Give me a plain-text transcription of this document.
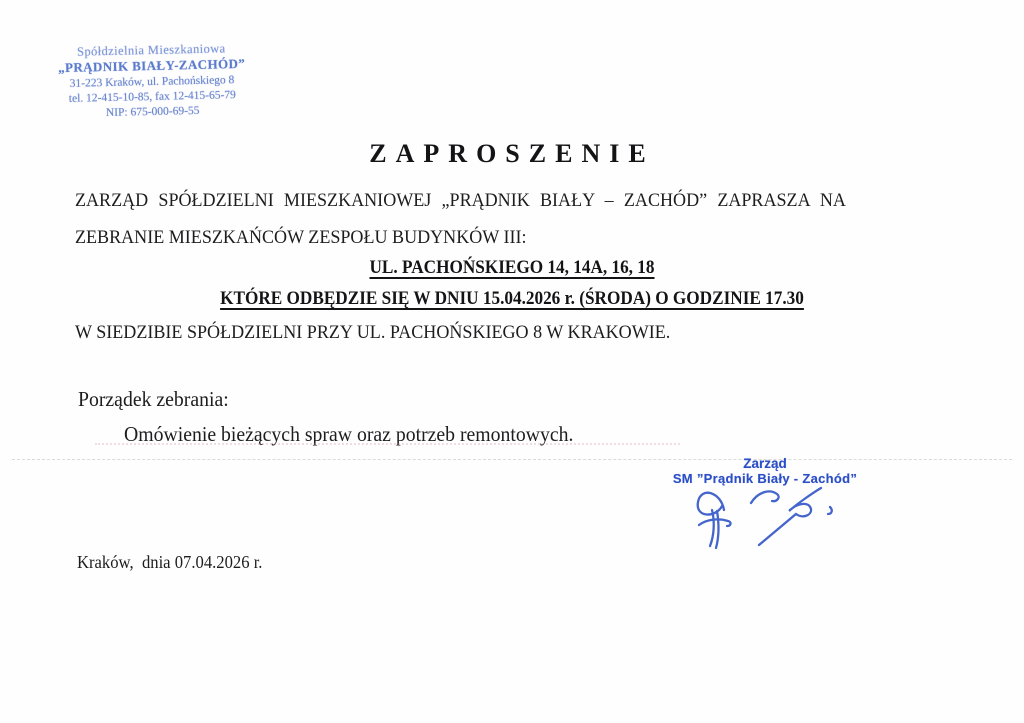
Spółdzielnia Mieszkaniowa
„PRĄDNIK BIAŁY-ZACHÓD”
31-223 Kraków, ul. Pachońskiego 8
tel. 12-415-10-85, fax 12-415-65-79
NIP: 675-000-69-55
ZAPROSZENIE
ZARZĄD SPÓŁDZIELNI MIESZKANIOWEJ „PRĄDNIK BIAŁY – ZACHÓD” ZAPRASZA NA
ZEBRANIE MIESZKAŃCÓW ZESPOŁU BUDYNKÓW III:
UL. PACHOŃSKIEGO 14, 14A, 16, 18
KTÓRE ODBĘDZIE SIĘ W DNIU 15.04.2026 r. (ŚRODA) O GODZINIE 17.30
W SIEDZIBIE SPÓŁDZIELNI PRZY UL. PACHOŃSKIEGO 8 W KRAKOWIE.
Porządek zebrania:
Omówienie bieżących spraw oraz potrzeb remontowych.
Zarząd
SM ”Prądnik Biały - Zachód”
Kraków,  dnia 07.04.2026 r.
